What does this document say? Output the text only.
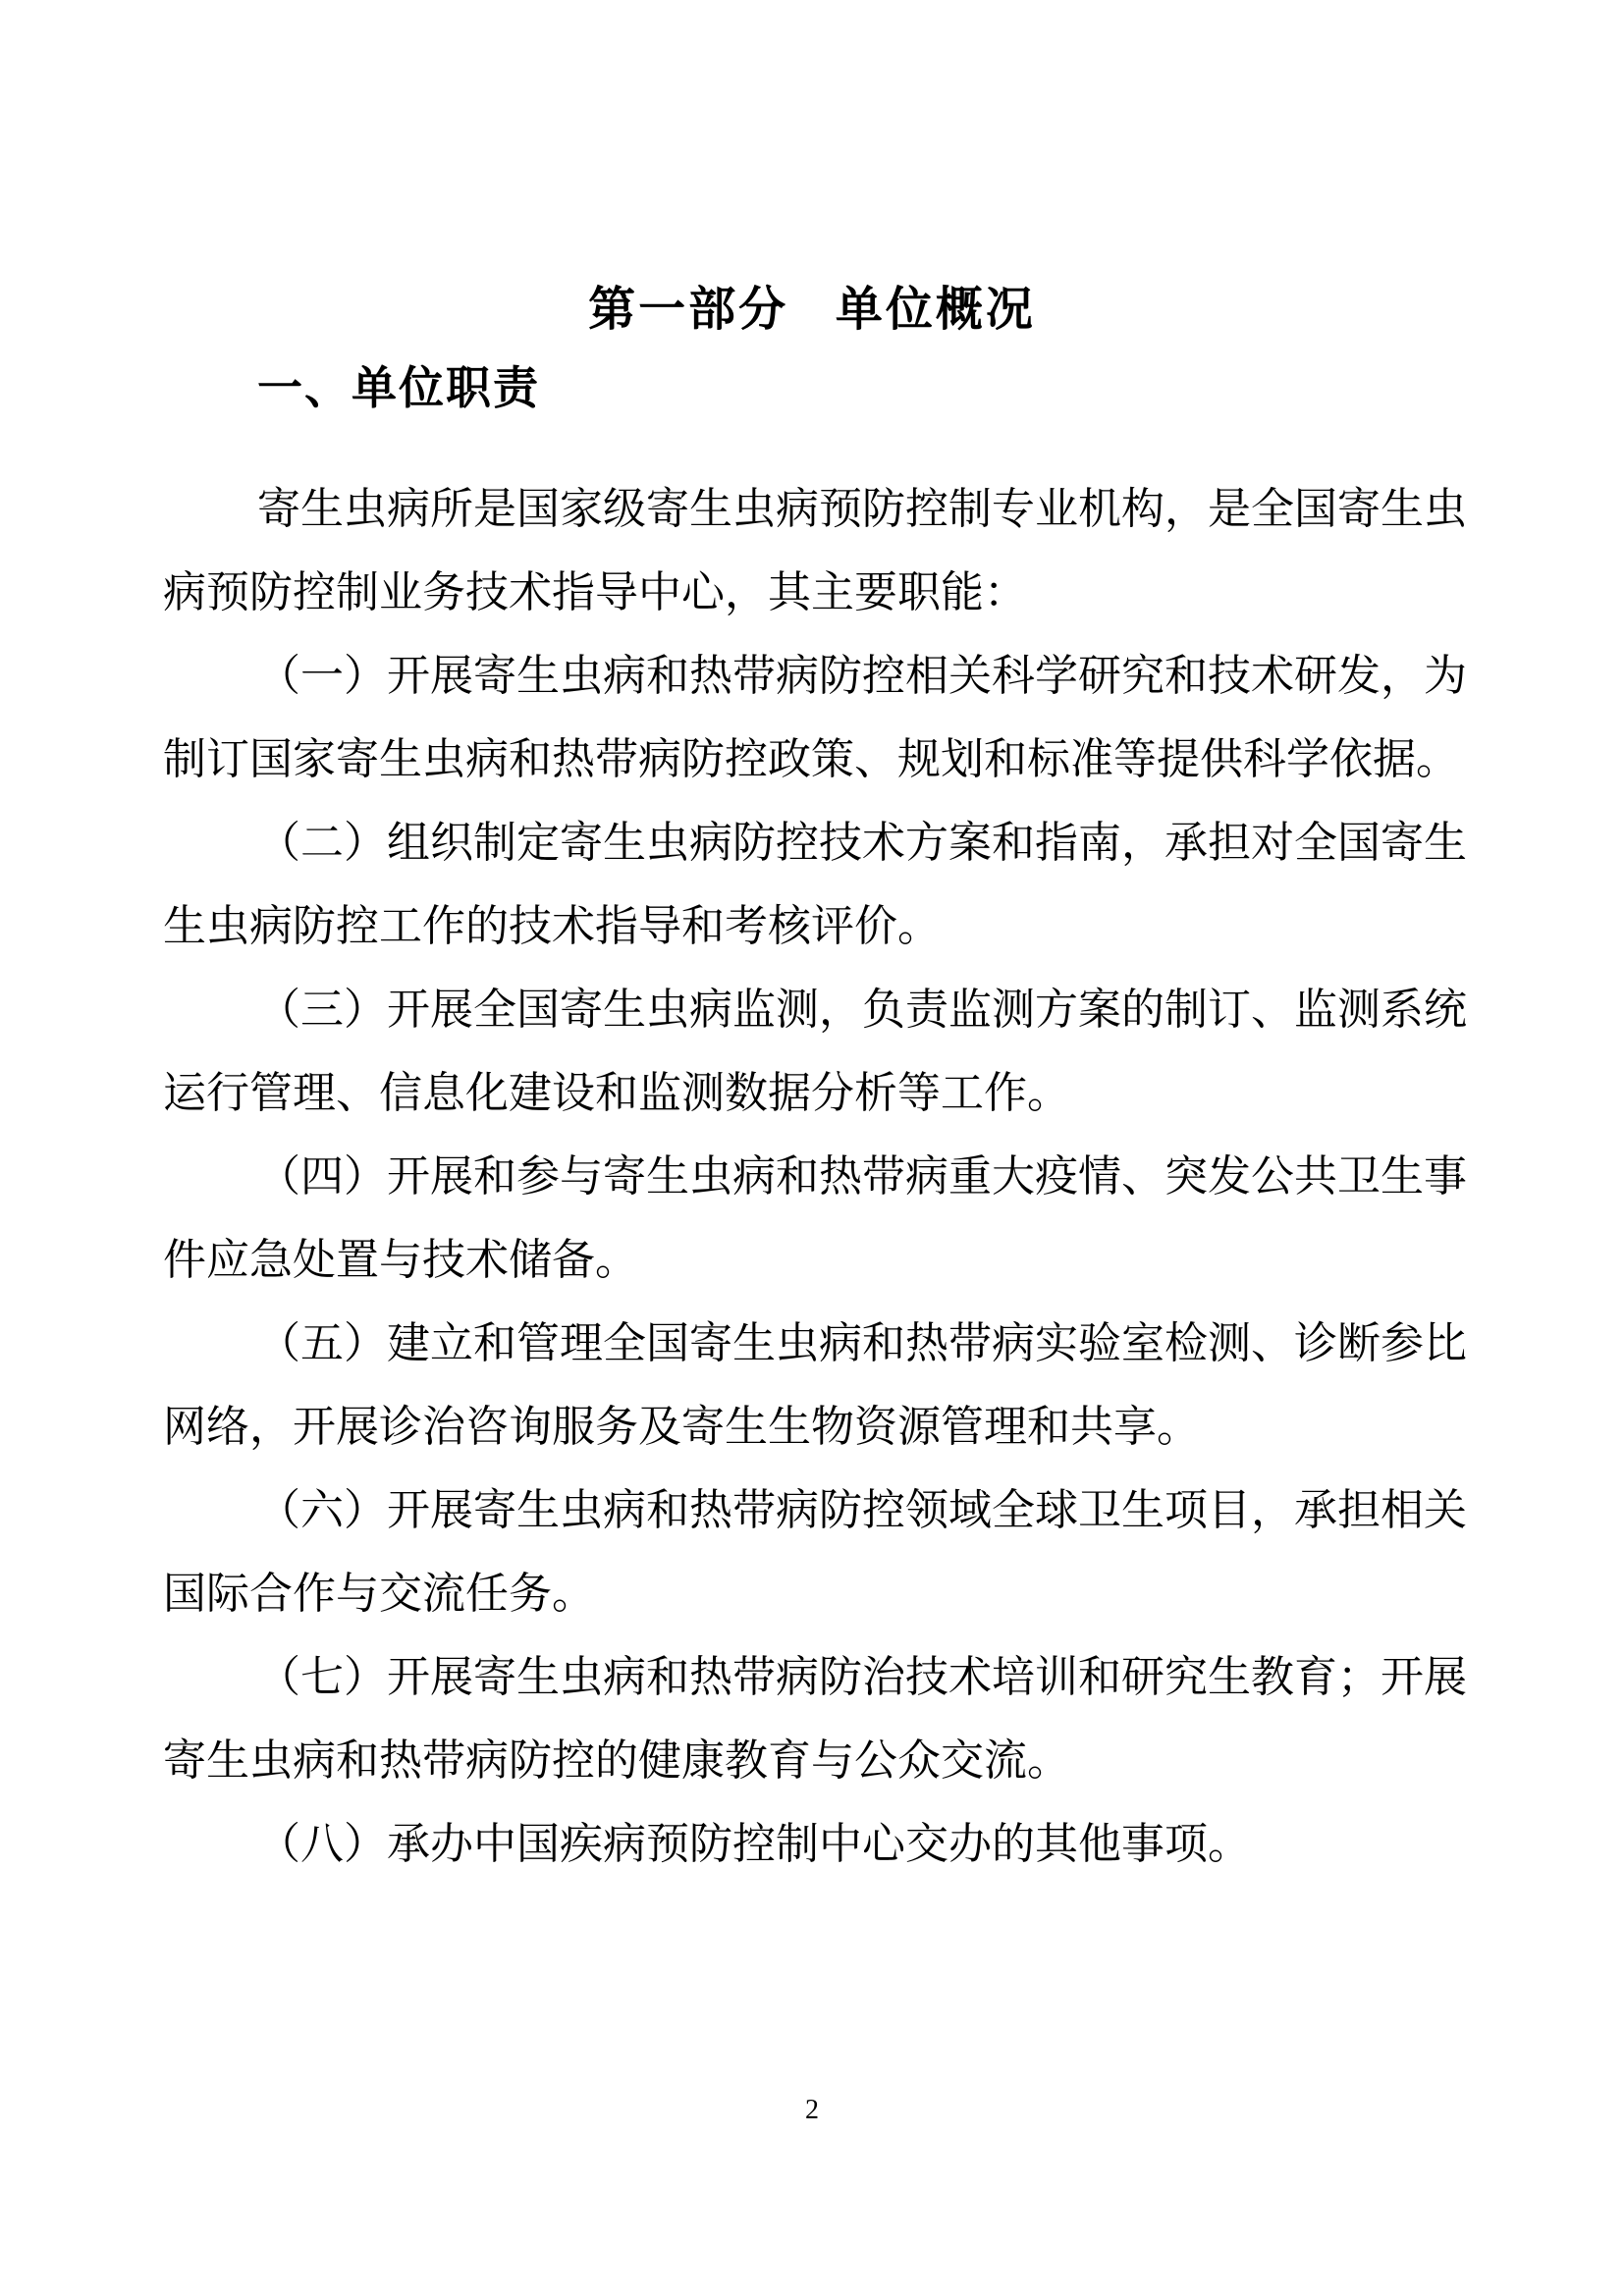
第一部分 单位概况
一、单位职责

寄生虫病所是国家级寄生虫病预防控制专业机构，是全国寄生虫
病预防控制业务技术指导中心，其主要职能：

（一）开展寄生虫病和热带病防控相关科学研究和技术研发，为
制订国家寄生虫病和热带病防控政策、规划和标准等提供科学依据。

（二）组织制定寄生虫病防控技术方案和指南，承担对全国寄生
生虫病防控工作的技术指导和考核评价。

（三）开展全国寄生虫病监测，负责监测方案的制订、监测系统
运行管理、信息化建设和监测数据分析等工作。

（四）开展和参与寄生虫病和热带病重大疫情、突发公共卫生事
件应急处置与技术储备。

（五）建立和管理全国寄生虫病和热带病实验室检测、诊断参比
网络，开展诊治咨询服务及寄生生物资源管理和共享。

（六）开展寄生虫病和热带病防控领域全球卫生项目，承担相关
国际合作与交流任务。

（七）开展寄生虫病和热带病防治技术培训和研究生教育；开展
寄生虫病和热带病防控的健康教育与公众交流。

（八）承办中国疾病预防控制中心交办的其他事项。

2
